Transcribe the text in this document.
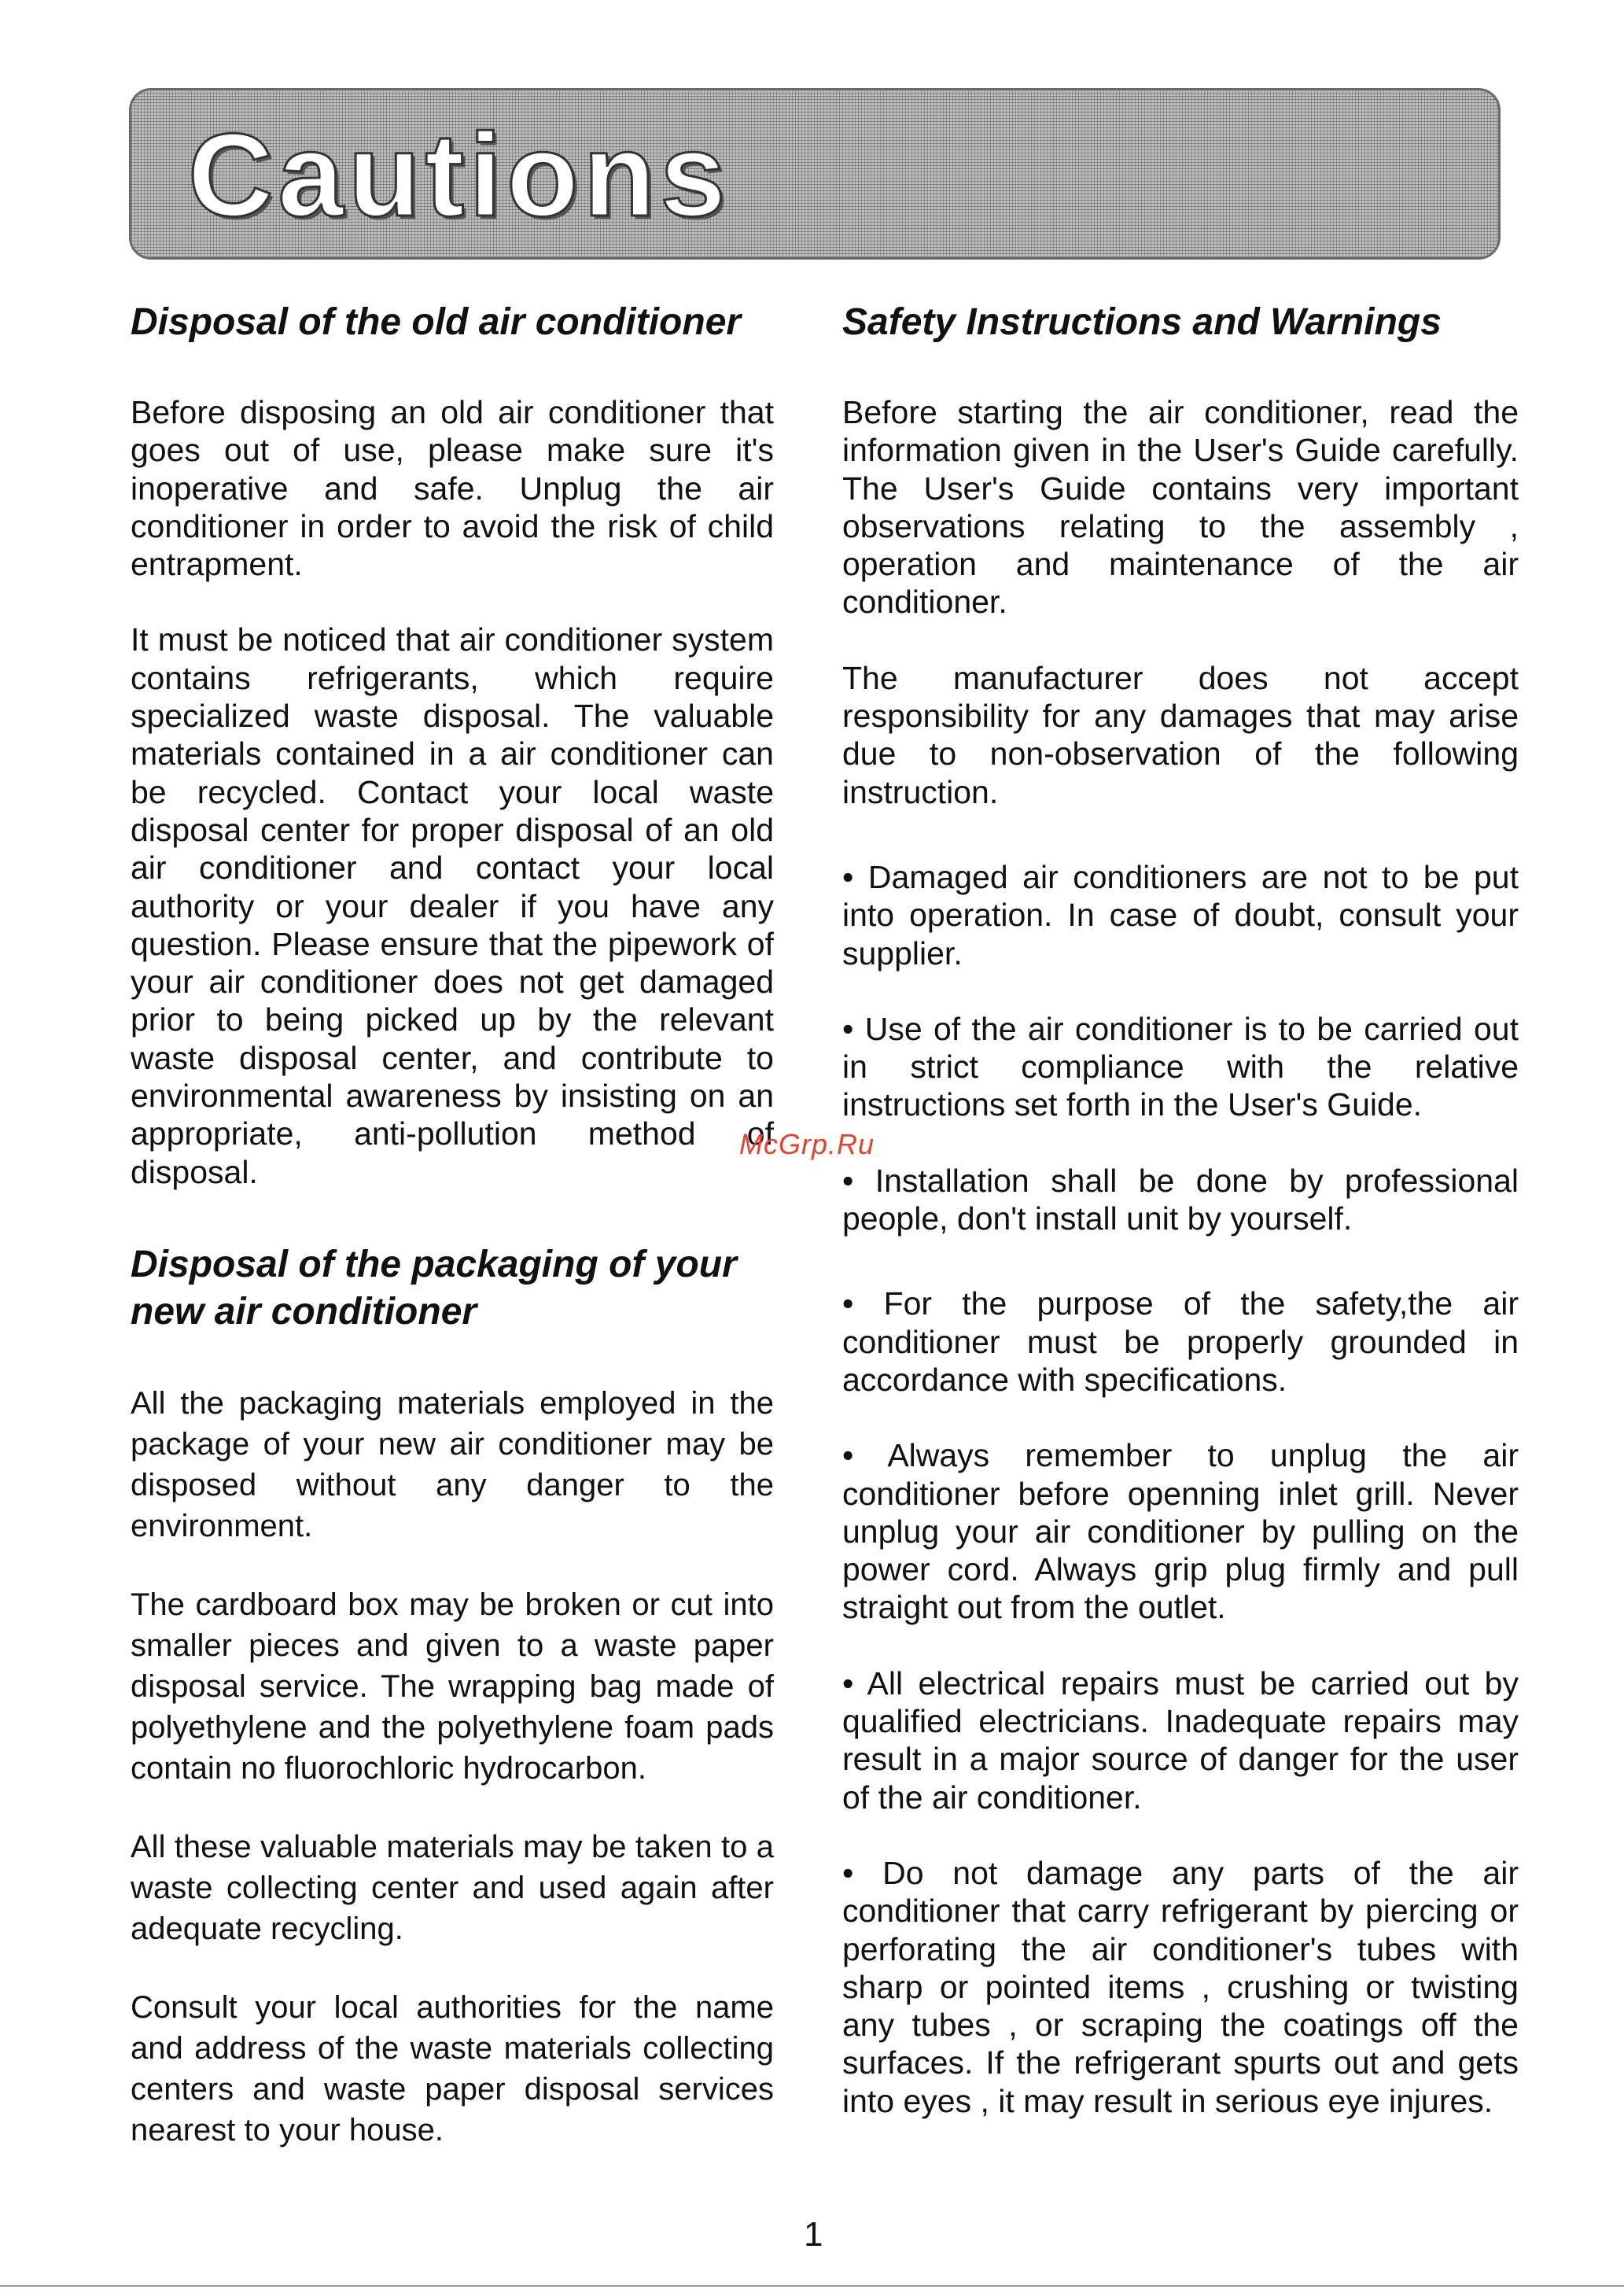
Cautions
Disposal of the old air conditioner

Before disposing an old air conditioner that goes out of use, please make sure it's inoperative and safe. Unplug the air conditioner in order to avoid the risk of child entrapment.

It must be noticed that air conditioner system contains refrigerants, which require specialized waste disposal. The valuable materials contained in a air conditioner can be recycled. Contact your local waste disposal center for proper disposal of an old air conditioner and contact your local authority or your dealer if you have any question. Please ensure that the pipework of your air conditioner does not get damaged prior to being picked up by the relevant waste disposal center, and contribute to environmental awareness by insisting on an appropriate, anti-pollution method of disposal.

Disposal of the packaging of your
new air conditioner

All the packaging materials employed in the package of your new air conditioner may be disposed without any danger to the environment.

The cardboard box may be broken or cut into smaller pieces and given to a waste paper disposal service. The wrapping bag made of polyethylene and the polyethylene foam pads contain no fluorochloric hydrocarbon.

All these valuable materials may be taken to a waste collecting center and used again after adequate recycling.

Consult your local authorities for the name and address of the waste materials collecting centers and waste paper disposal services nearest to your house.

Safety Instructions and Warnings

Before starting the air conditioner, read the information given in the User's Guide carefully. The User's Guide contains very important observations relating to the assembly , operation and maintenance of the air conditioner.

The manufacturer does not accept responsibility for any damages that may arise due to non-observation of the following instruction.

• Damaged air conditioners are not to be put into operation. In case of doubt, consult your supplier.

• Use of the air conditioner is to be carried out in strict compliance with the relative instructions set forth in the User's Guide.

• Installation shall be done by professional people, don't install unit by yourself.

• For the purpose of the safety,the air conditioner must be properly grounded in accordance with specifications.

• Always remember to unplug the air conditioner before openning inlet grill. Never unplug your air conditioner by pulling on the power cord. Always grip plug firmly and pull straight out from the outlet.

• All electrical repairs must be carried out by qualified electricians. Inadequate repairs may result in a major source of danger for the user of the air conditioner.

• Do not damage any parts of the air conditioner that carry refrigerant by piercing or perforating the air conditioner's tubes with sharp or pointed items , crushing or twisting any tubes , or scraping the coatings off the surfaces. If the refrigerant spurts out and gets into eyes , it may result in serious eye injures.

McGrp.Ru
1
